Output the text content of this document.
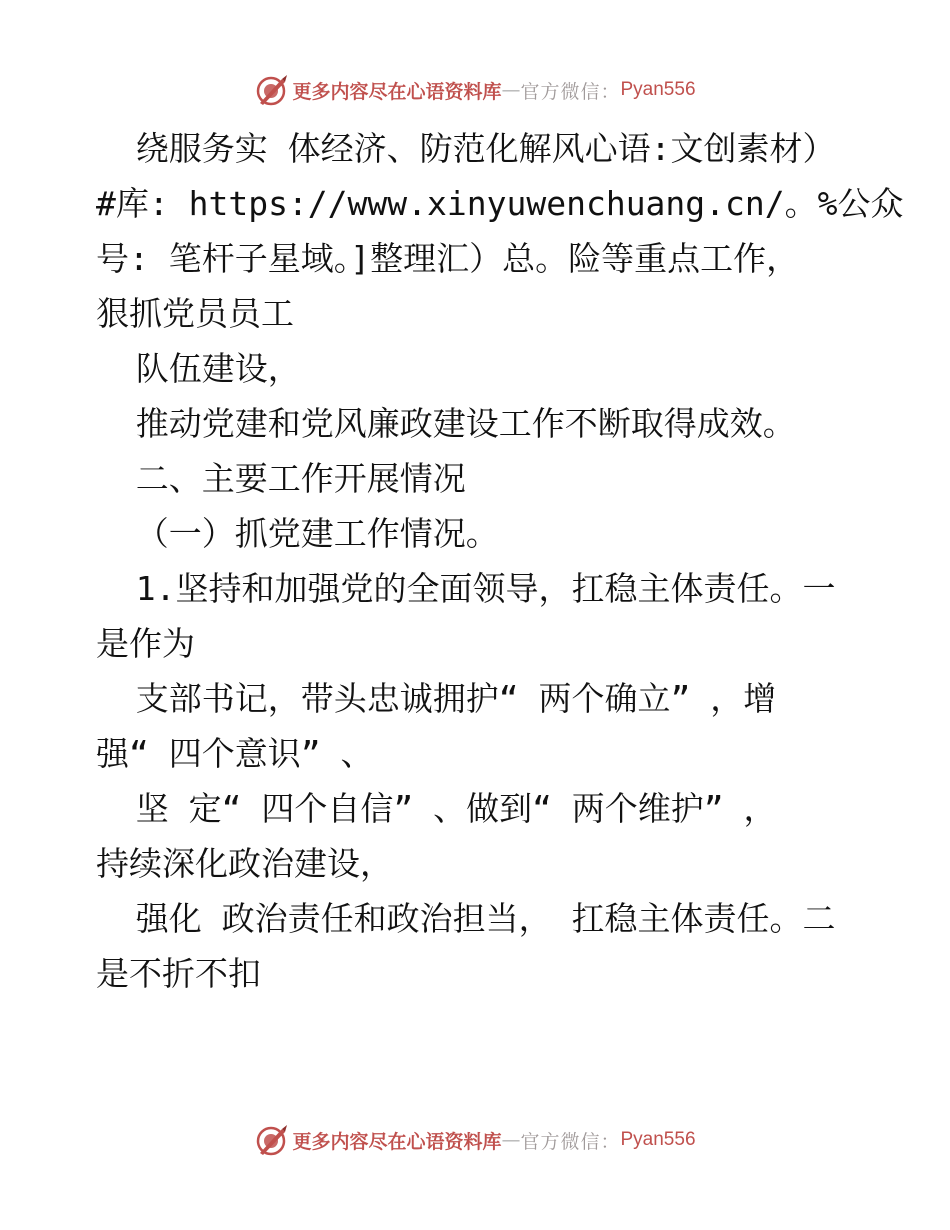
更多内容尽在心语资料库 — 官方微信： Pyan556
绕服务实 体经济、防范化解风心语:文创素材）
#库: https://www.xinyuwenchuang.cn/。%公众
号: 笔杆子星域。]整理汇）总。险等重点工作，
狠抓党员员工
队伍建设，
推动党建和党风廉政建设工作不断取得成效。
二、主要工作开展情况
（一）抓党建工作情况。
1.坚持和加强党的全面领导，扛稳主体责任。一
是作为
支部书记，带头忠诚拥护“ 两个确立” ，增
强“ 四个意识” 、
坚 定“ 四个自信” 、做到“ 两个维护” ，
持续深化政治建设，
强化 政治责任和政治担当， 扛稳主体责任。二
是不折不扣
更多内容尽在心语资料库 — 官方微信： Pyan556
